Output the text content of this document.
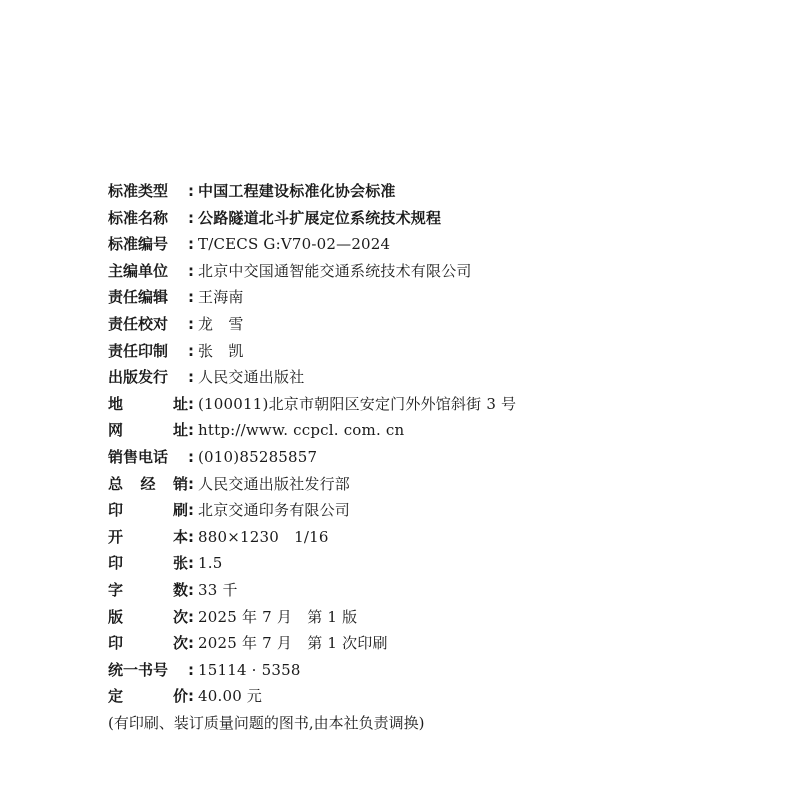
标准类型	: 中国工程建设标准化协会标准
标准名称	: 公路隧道北斗扩展定位系统技术规程
标准编号	: T/CECS G:V70-02—2024
主编单位	: 北京中交国通智能交通系统技术有限公司
责任编辑	: 王海南
责任校对	: 龙　雪
责任印制	: 张　凯
出版发行	: 人民交通出版社
地址 : (100011)北京市朝阳区安定门外外馆斜街 3 号
网址 : http://www. ccpcl. com. cn
销售电话	: (010)85285857
总经销 : 人民交通出版社发行部
印刷 : 北京交通印务有限公司
开本 : 880×1230　1/16
印张 : 1.5
字数 : 33 千
版次 : 2025 年 7 月　第 1 版
印次 : 2025 年 7 月　第 1 次印刷
统一书号	: 15114 · 5358
定价 : 40.00 元
(有印刷、装订质量问题的图书,由本社负责调换)
